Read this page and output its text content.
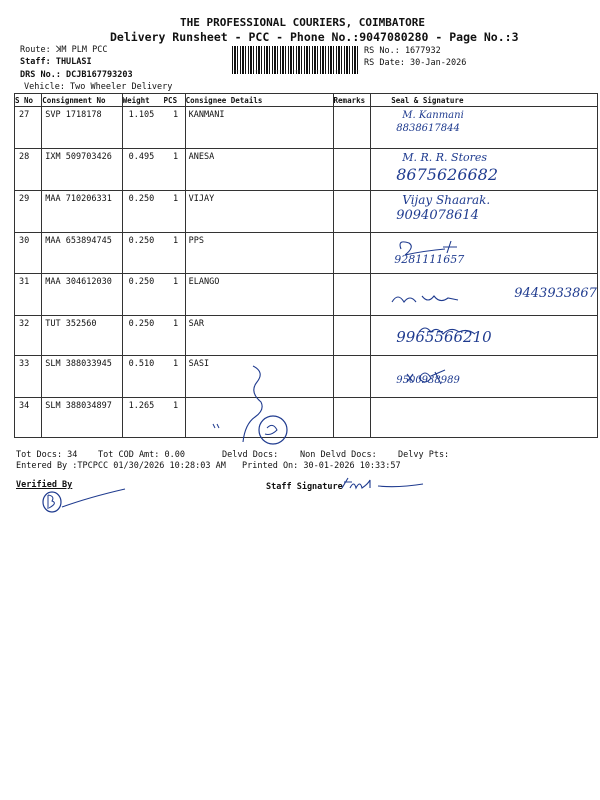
THE PROFESSIONAL COURIERS, COIMBATORE
Delivery Runsheet - PCC - Phone No.:9047080280 - Page No.:3
Route: ꓘM PLM PCC
Staff: THULASI
DRS No.: DCJB167793203
Vehicle: Two Wheeler Delivery
RS No.: 1677932
RS Date: 30-Jan-2026
S No	Consignment No	Weight	PCS	Consignee Details	Remarks	Seal & Signature
27	SVP 1718178	1.105	1	KANMANI		M. Kanmani
8838617844

28	IXM 509703426	0.495	1	ANESA		M. R. R. Stores
8675626682

29	MAA 710206331	0.250	1	VIJAY		Vijay Shaarak.
9094078614

30	MAA 653894745	0.250	1	PPS		9281111657

31	MAA 304612030	0.250	1	ELANGO		9443933867

32	TUT 352560	0.250	1	SAR		9965566210

33	SLM 388033945	0.510	1	SASI		9500938989

34	SLM 388034897	1.265	1			
Tot Docs: 34 Tot COD Amt: 0.00	Delvd Docs:	Non Delvd Docs: Delvy Pts:
Entered By :TPCPCC 01/30/2026 10:28:03 AM Printed On: 30-01-2026 10:33:57
Verified By	Staff Signature
